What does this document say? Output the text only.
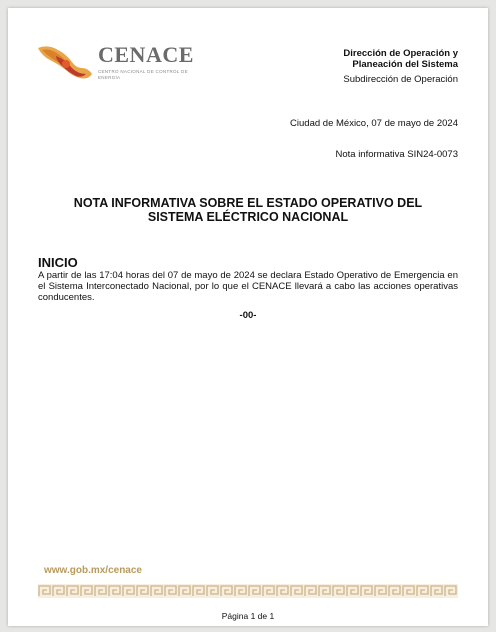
CENACE
CENTRO NACIONAL DE CONTROL DE ENERGÍA
Dirección de Operación y
Planeación del Sistema
Subdirección de Operación
Ciudad de México, 07 de mayo de 2024
Nota informativa SIN24-0073
NOTA INFORMATIVA SOBRE EL ESTADO OPERATIVO DEL
SISTEMA ELÉCTRICO NACIONAL
INICIO
A partir de las 17:04 horas del 07 de mayo de 2024 se declara Estado Operativo de Emergencia en el Sistema Interconectado Nacional, por lo que el CENACE llevará a cabo las acciones operativas conducentes.
-00-
www.gob.mx/cenace
Página 1 de 1
